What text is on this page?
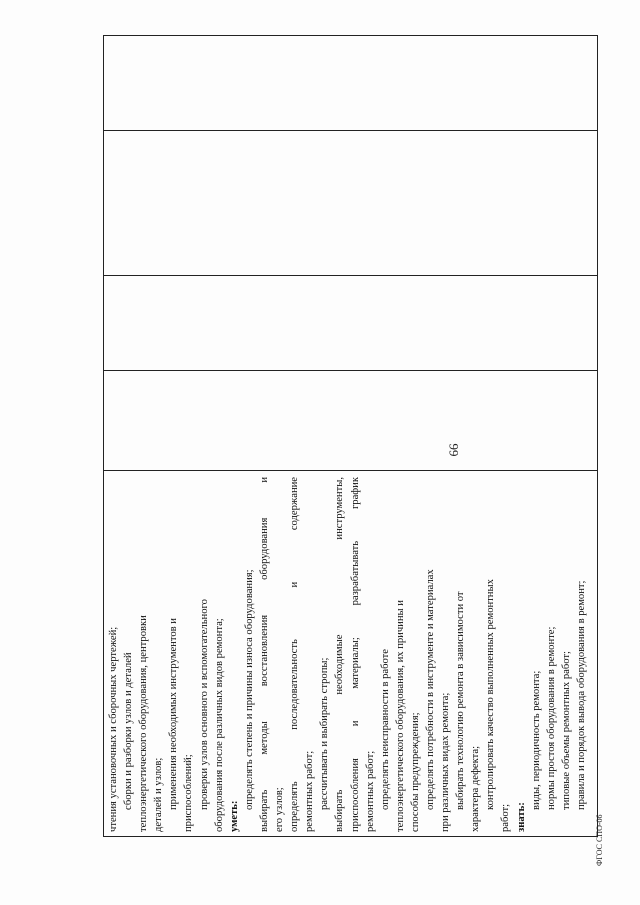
66
чтения установочных и сборочных чертежей; сборки и разборки узлов и деталей теплоэнергетического оборудования, центровки деталей и узлов; применения необходимых инструментов и приспособлений; проверки узлов основного и вспомогательного оборудования после различных видов ремонта; уметь:
определять степень и причины износа оборудования; выбирать методы восстановления оборудования и его узлов; определять последовательность и содержание ремонтных работ; рассчитывать и выбирать стропы; выбирать необходимые инструменты, приспособления и материалы; разрабатывать график ремонтных работ; определять неисправности в работе теплоэнергетического оборудования, их причины и способы предупреждения; определять потребности в инструменте и материалах при различных видах ремонта; выбирать технологию ремонта в зависимости от характера дефекта; контролировать качество выполненных ремонтных
работ; знать:
виды, периодичность ремонта; нормы простоя оборудования в ремонте; типовые объемы ремонтных работ; правила и порядок вывода оборудования в ремонт;
ФГОС СПО-06
